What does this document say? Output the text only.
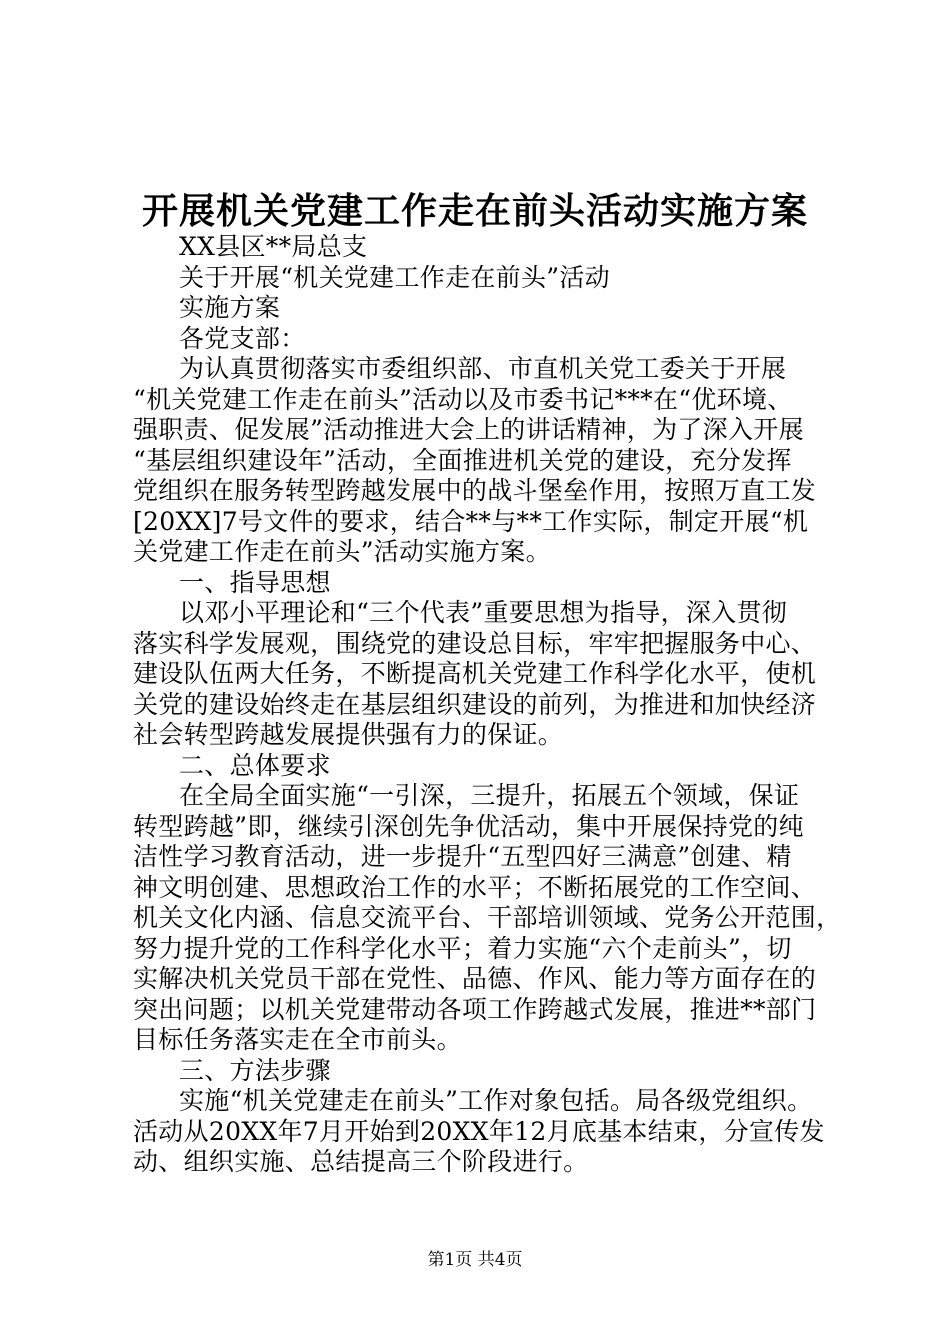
开展机关党建工作走在前头活动实施方案

XX县区**局总支
关于开展“机关党建工作走在前头”活动
实施方案
各党支部：

为认真贯彻落实市委组织部、市直机关党工委关于开展
“机关党建工作走在前头”活动以及市委书记***在“优环境、
强职责、促发展”活动推进大会上的讲话精神，为了深入开展
“基层组织建设年”活动，全面推进机关党的建设，充分发挥
党组织在服务转型跨越发展中的战斗堡垒作用，按照万直工发
[20XX]7号文件的要求，结合**与**工作实际，制定开展“机
关党建工作走在前头”活动实施方案。

一、指导思想

以邓小平理论和“三个代表”重要思想为指导，深入贯彻
落实科学发展观，围绕党的建设总目标，牢牢把握服务中心、
建设队伍两大任务，不断提高机关党建工作科学化水平，使机
关党的建设始终走在基层组织建设的前列，为推进和加快经济
社会转型跨越发展提供强有力的保证。

二、总体要求

在全局全面实施“一引深，三提升，拓展五个领域，保证
转型跨越”即，继续引深创先争优活动，集中开展保持党的纯
洁性学习教育活动，进一步提升“五型四好三满意”创建、精
神文明创建、思想政治工作的水平；不断拓展党的工作空间、
机关文化内涵、信息交流平台、干部培训领域、党务公开范围，
努力提升党的工作科学化水平；着力实施“六个走前头”，切
实解决机关党员干部在党性、品德、作风、能力等方面存在的
突出问题；以机关党建带动各项工作跨越式发展，推进**部门
目标任务落实走在全市前头。

三、方法步骤

实施“机关党建走在前头”工作对象包括。局各级党组织。
活动从20XX年7月开始到20XX年12月底基本结束，分宣传发
动、组织实施、总结提高三个阶段进行。

第1页 共4页
